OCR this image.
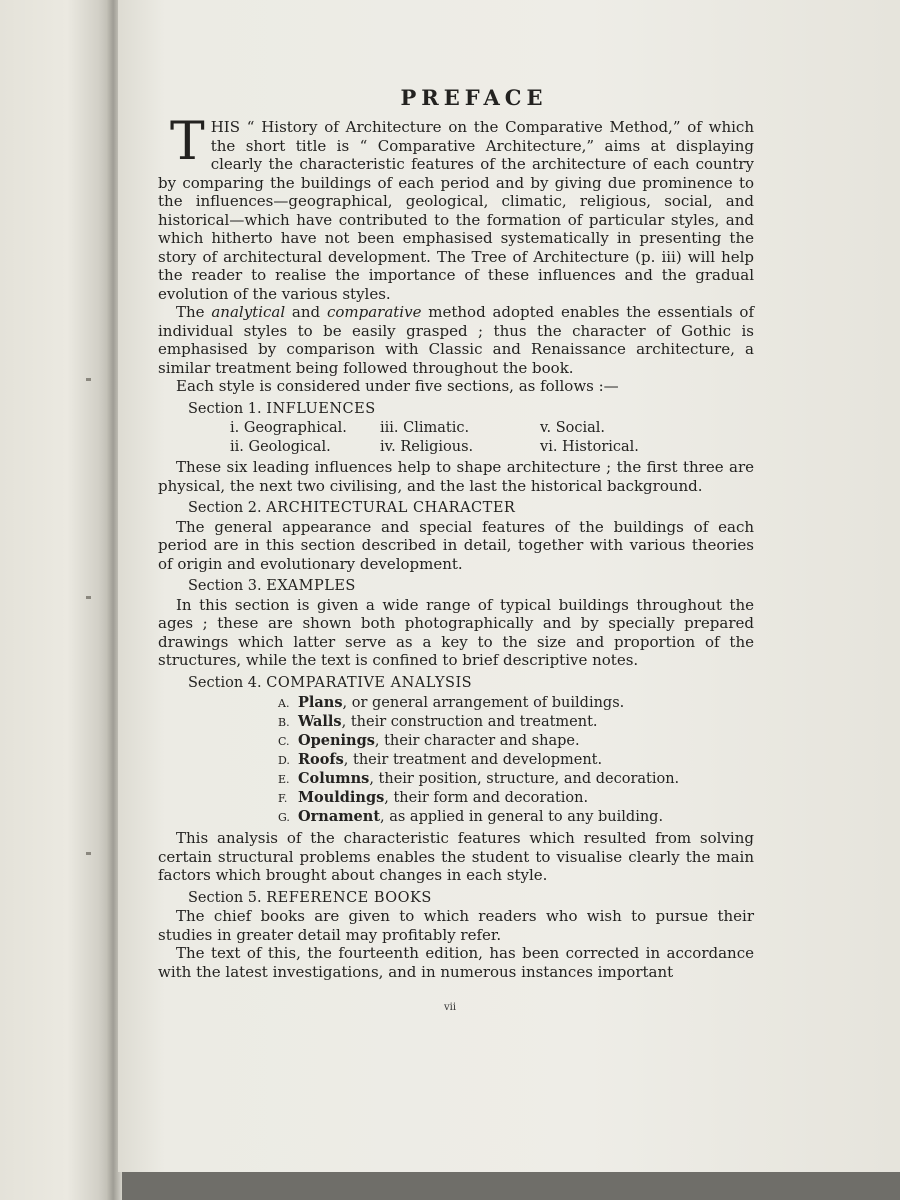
PREFACE

THIS “ History of Architecture on the Comparative Method,” of which the short title is “ Comparative Architecture,” aims at displaying clearly the characteristic features of the architecture of each country by comparing the buildings of each period and by giving due prominence to the influences—geographical, geological, climatic, religious, social, and historical—which have contributed to the formation of particular styles, and which hitherto have not been emphasised systematically in presenting the story of architectural development. The Tree of Architecture (p. iii) will help the reader to realise the importance of these influences and the gradual evolution of the various styles.

The analytical and comparative method adopted enables the essentials of individual styles to be easily grasped ; thus the character of Gothic is emphasised by comparison with Classic and Renaissance architecture, a similar treatment being followed throughout the book.

Each style is considered under five sections, as follows :—

Section 1. INFLUENCES
i. Geographical.	iii. Climatic.	v. Social.
ii. Geological.	iv. Religious.	vi. Historical.

These six leading influences help to shape architecture ; the first three are physical, the next two civilising, and the last the historical background.

Section 2. ARCHITECTURAL CHARACTER

The general appearance and special features of the buildings of each period are in this section described in detail, together with various theories of origin and evolutionary development.

Section 3. EXAMPLES

In this section is given a wide range of typical buildings throughout the ages ; these are shown both photographically and by specially prepared drawings which latter serve as a key to the size and proportion of the structures, while the text is confined to brief descriptive notes.

Section 4. COMPARATIVE ANALYSIS
A. Plans, or general arrangement of buildings.
B. Walls, their construction and treatment.
C. Openings, their character and shape.
D. Roofs, their treatment and development.
E. Columns, their position, structure, and decoration.
F. Mouldings, their form and decoration.
G. Ornament, as applied in general to any building.

This analysis of the characteristic features which resulted from solving certain structural problems enables the student to visualise clearly the main factors which brought about changes in each style.

Section 5. REFERENCE BOOKS

The chief books are given to which readers who wish to pursue their studies in greater detail may profitably refer.

The text of this, the fourteenth edition, has been corrected in accordance with the latest investigations, and in numerous instances important

vii
